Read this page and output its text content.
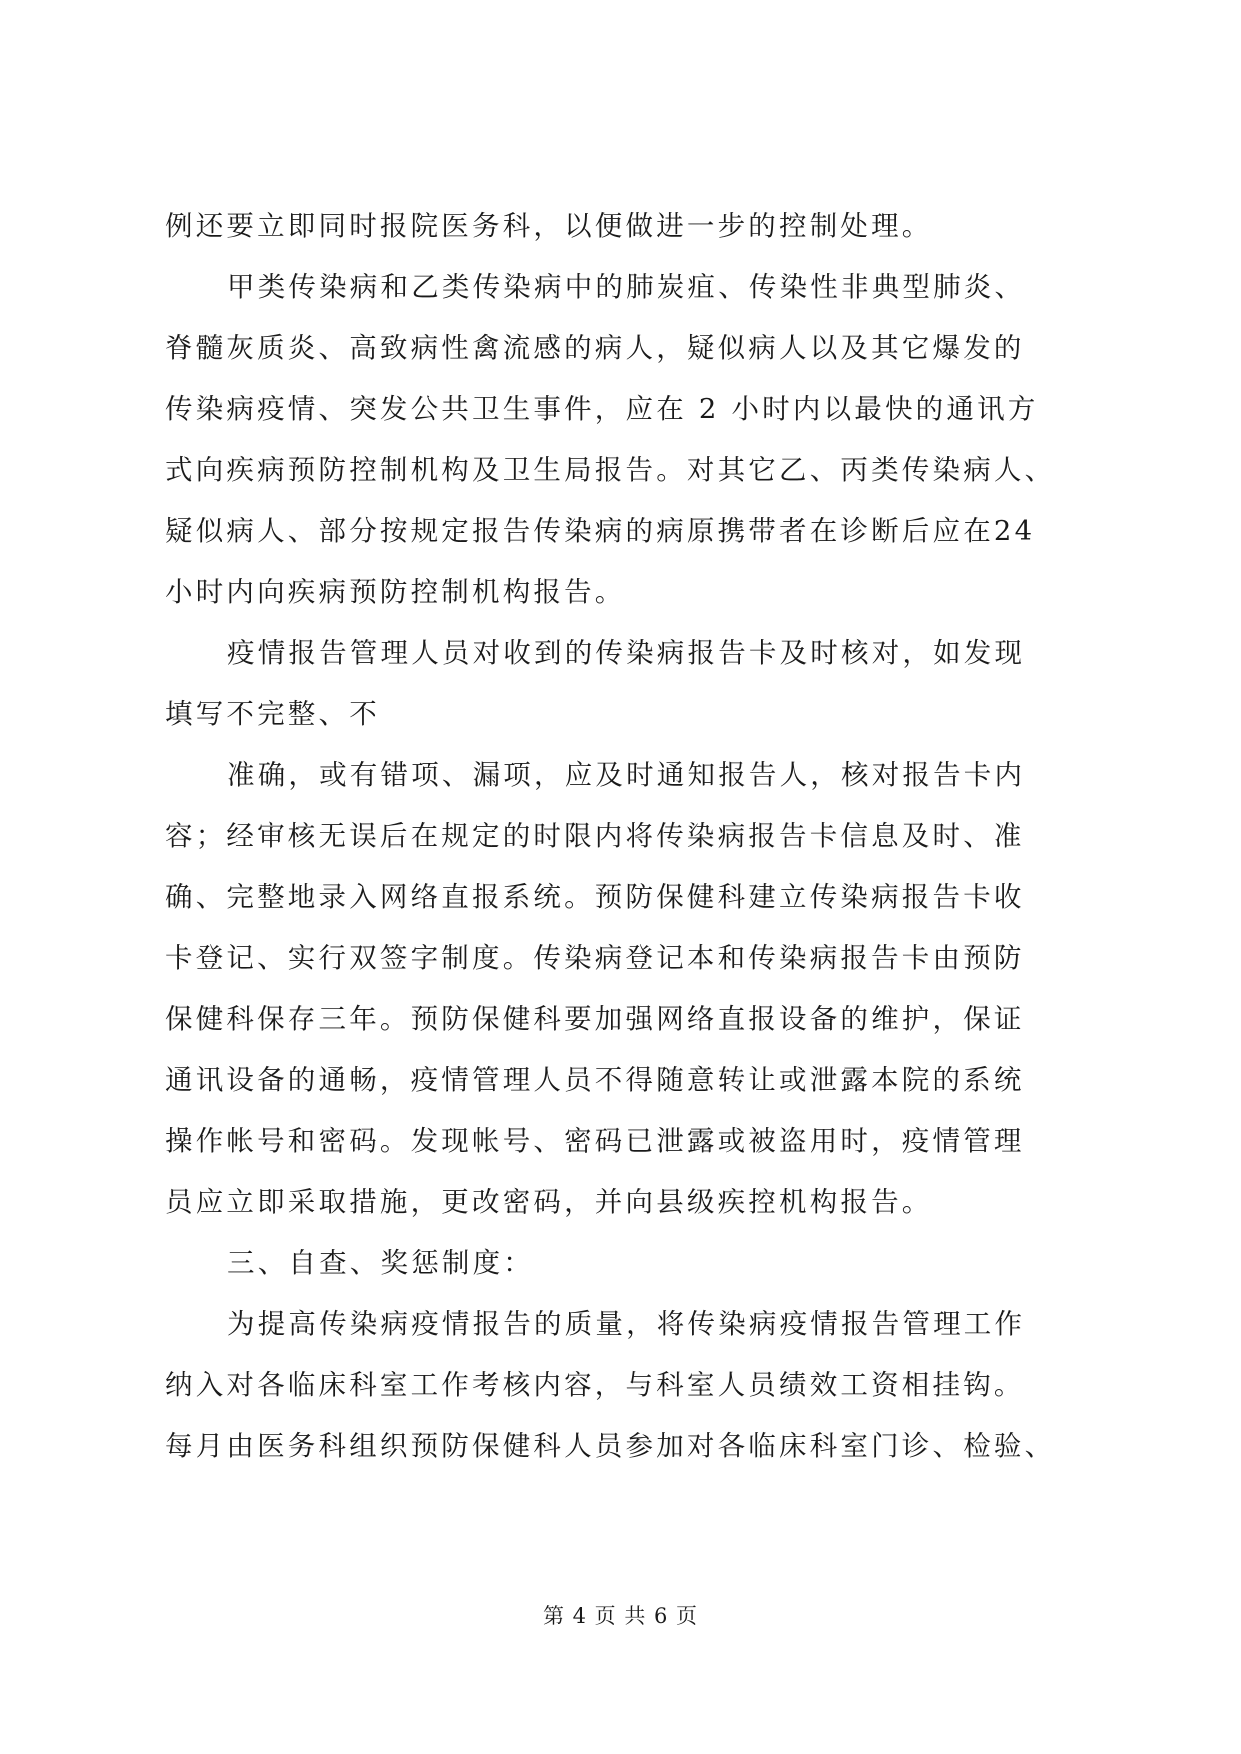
例还要立即同时报院医务科，以便做进一步的控制处理。
甲类传染病和乙类传染病中的肺炭疽、传染性非典型肺炎、
脊髓灰质炎、高致病性禽流感的病人，疑似病人以及其它爆发的
传染病疫情、突发公共卫生事件，应在 2 小时内以最快的通讯方
式向疾病预防控制机构及卫生局报告。对其它乙、丙类传染病人、
疑似病人、部分按规定报告传染病的病原携带者在诊断后应在24
小时内向疾病预防控制机构报告。
疫情报告管理人员对收到的传染病报告卡及时核对，如发现
填写不完整、不
准确，或有错项、漏项，应及时通知报告人，核对报告卡内
容；经审核无误后在规定的时限内将传染病报告卡信息及时、准
确、完整地录入网络直报系统。预防保健科建立传染病报告卡收
卡登记、实行双签字制度。传染病登记本和传染病报告卡由预防
保健科保存三年。预防保健科要加强网络直报设备的维护，保证
通讯设备的通畅，疫情管理人员不得随意转让或泄露本院的系统
操作帐号和密码。发现帐号、密码已泄露或被盗用时，疫情管理
员应立即采取措施，更改密码，并向县级疾控机构报告。
三、自查、奖惩制度：
为提高传染病疫情报告的质量，将传染病疫情报告管理工作
纳入对各临床科室工作考核内容，与科室人员绩效工资相挂钩。
每月由医务科组织预防保健科人员参加对各临床科室门诊、检验、
第 4 页 共 6 页
